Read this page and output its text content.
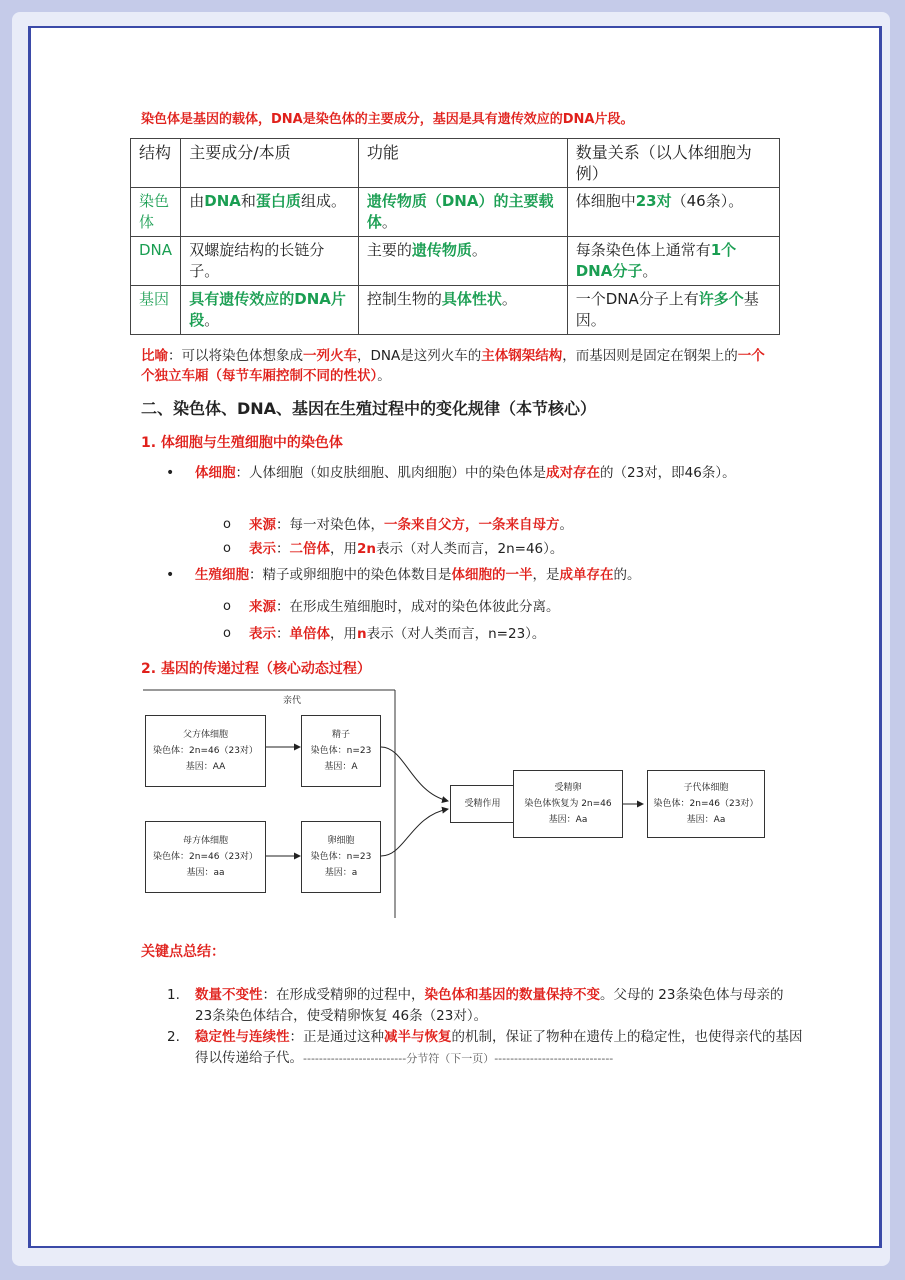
染色体是基因的载体，DNA是染色体的主要成分，基因是具有遗传效应的DNA片段。
结构	主要成分/本质	功能	数量关系（以人体细胞为例）
染色体	由DNA和蛋白质组成。	遗传物质（DNA）的主要载体。	体细胞中23对（46条）。
DNA	双螺旋结构的长链分子。	主要的遗传物质。	每条染色体上通常有1个DNA分子。
基因	具有遗传效应的DNA片段。	控制生物的具体性状。	一个DNA分子上有许多个基因。
比喻：可以将染色体想象成一列火车，DNA是这列火车的主体钢架结构，而基因则是固定在钢架上的一个个独立车厢（每节车厢控制不同的性状）。
二、染色体、DNA、基因在生殖过程中的变化规律（本节核心）
1. 体细胞与生殖细胞中的染色体
• 体细胞：人体细胞（如皮肤细胞、肌肉细胞）中的染色体是成对存在的（23对，即46条）。
o 来源：每一对染色体，一条来自父方，一条来自母方。
o 表示：二倍体，用2n表示（对人类而言，2n=46）。
• 生殖细胞：精子或卵细胞中的染色体数目是体细胞的一半，是成单存在的。
o 来源：在形成生殖细胞时，成对的染色体彼此分离。
o 表示：单倍体，用n表示（对人类而言，n=23）。
2. 基因的传递过程（核心动态过程）
亲代
父方体细胞
染色体：2n=46（23对）
基因：AA
精子
染色体：n=23
基因：A
母方体细胞
染色体：2n=46（23对）
基因：aa
卵细胞
染色体：n=23
基因：a
受精作用
受精卵
染色体恢复为 2n=46
基因：Aa
子代体细胞
染色体：2n=46（23对）
基因：Aa
关键点总结：
1. 数量不变性：在形成受精卵的过程中，染色体和基因的数量保持不变。父母的 23条染色体与母亲的 23条染色体结合，使受精卵恢复 46条（23对）。
2. 稳定性与连续性：正是通过这种减半与恢复的机制，保证了物种在遗传上的稳定性，也使得亲代的基因得以传递给子代。--------------------------分节符（下一页）------------------------------
